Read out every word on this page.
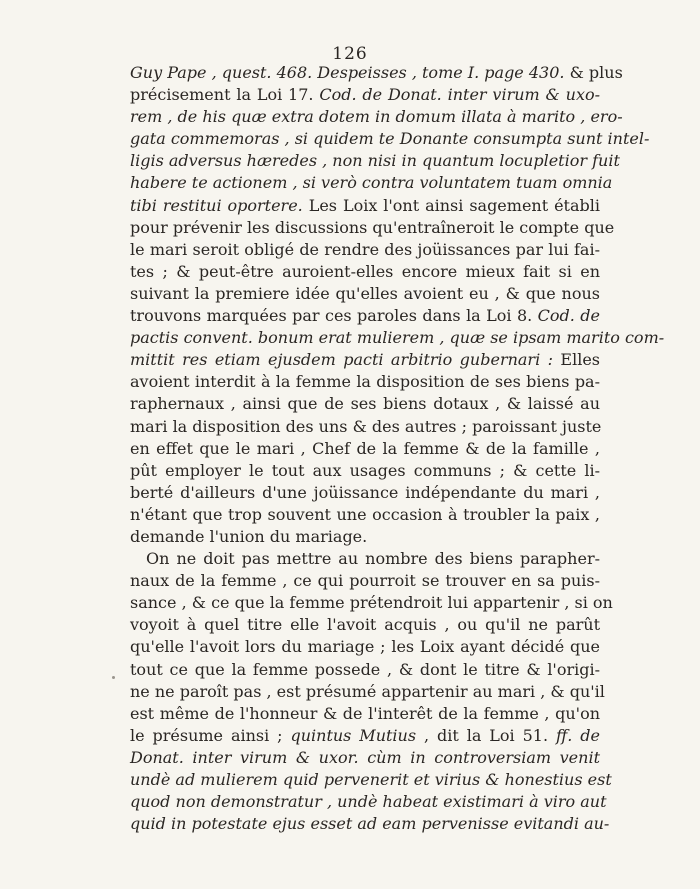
126
Guy Pape , quest. 468. Despeisses , tome I. page 430. & plus
précisement la Loi 17. Cod. de Donat. inter virum & uxo-
rem , de his quæ extra dotem in domum illata à marito , ero-
gata commemoras , si quidem te Donante consumpta sunt intel-
ligis adversus hæredes , non nisi in quantum locupletior fuit
habere te actionem , si verò contra voluntatem tuam omnia
tibi restitui oportere. Les Loix l'ont ainsi sagement établi
pour prévenir les discussions qu'entraîneroit le compte que
le mari seroit obligé de rendre des joüissances par lui fai-
tes ; & peut-être auroient-elles encore mieux fait si en
suivant la premiere idée qu'elles avoient eu , & que nous
trouvons marquées par ces paroles dans la Loi 8. Cod. de
pactis convent. bonum erat mulierem , quæ se ipsam marito com-
mittit res etiam ejusdem pacti arbitrio gubernari : Elles
avoient interdit à la femme la disposition de ses biens pa-
raphernaux , ainsi que de ses biens dotaux , & laissé au
mari la disposition des uns & des autres ; paroissant juste
en effet que le mari , Chef de la femme & de la famille ,
pût employer le tout aux usages communs ; & cette li-
berté d'ailleurs d'une joüissance indépendante du mari ,
n'étant que trop souvent une occasion à troubler la paix ,
demande l'union du mariage.
On ne doit pas mettre au nombre des biens parapher-
naux de la femme , ce qui pourroit se trouver en sa puis-
sance , & ce que la femme prétendroit lui appartenir , si on
voyoit à quel titre elle l'avoit acquis , ou qu'il ne parût
qu'elle l'avoit lors du mariage ; les Loix ayant décidé que
tout ce que la femme possede , & dont le titre & l'origi-
ne ne paroît pas , est présumé appartenir au mari , & qu'il
est même de l'honneur & de l'interêt de la femme , qu'on
le présume ainsi ; quintus Mutius , dit la Loi 51. ff. de
Donat. inter virum & uxor. cùm in controversiam venit
undè ad mulierem quid pervenerit et virius & honestius est
quod non demonstratur , undè habeat existimari à viro aut
quid in potestate ejus esset ad eam pervenisse evitandi au-
